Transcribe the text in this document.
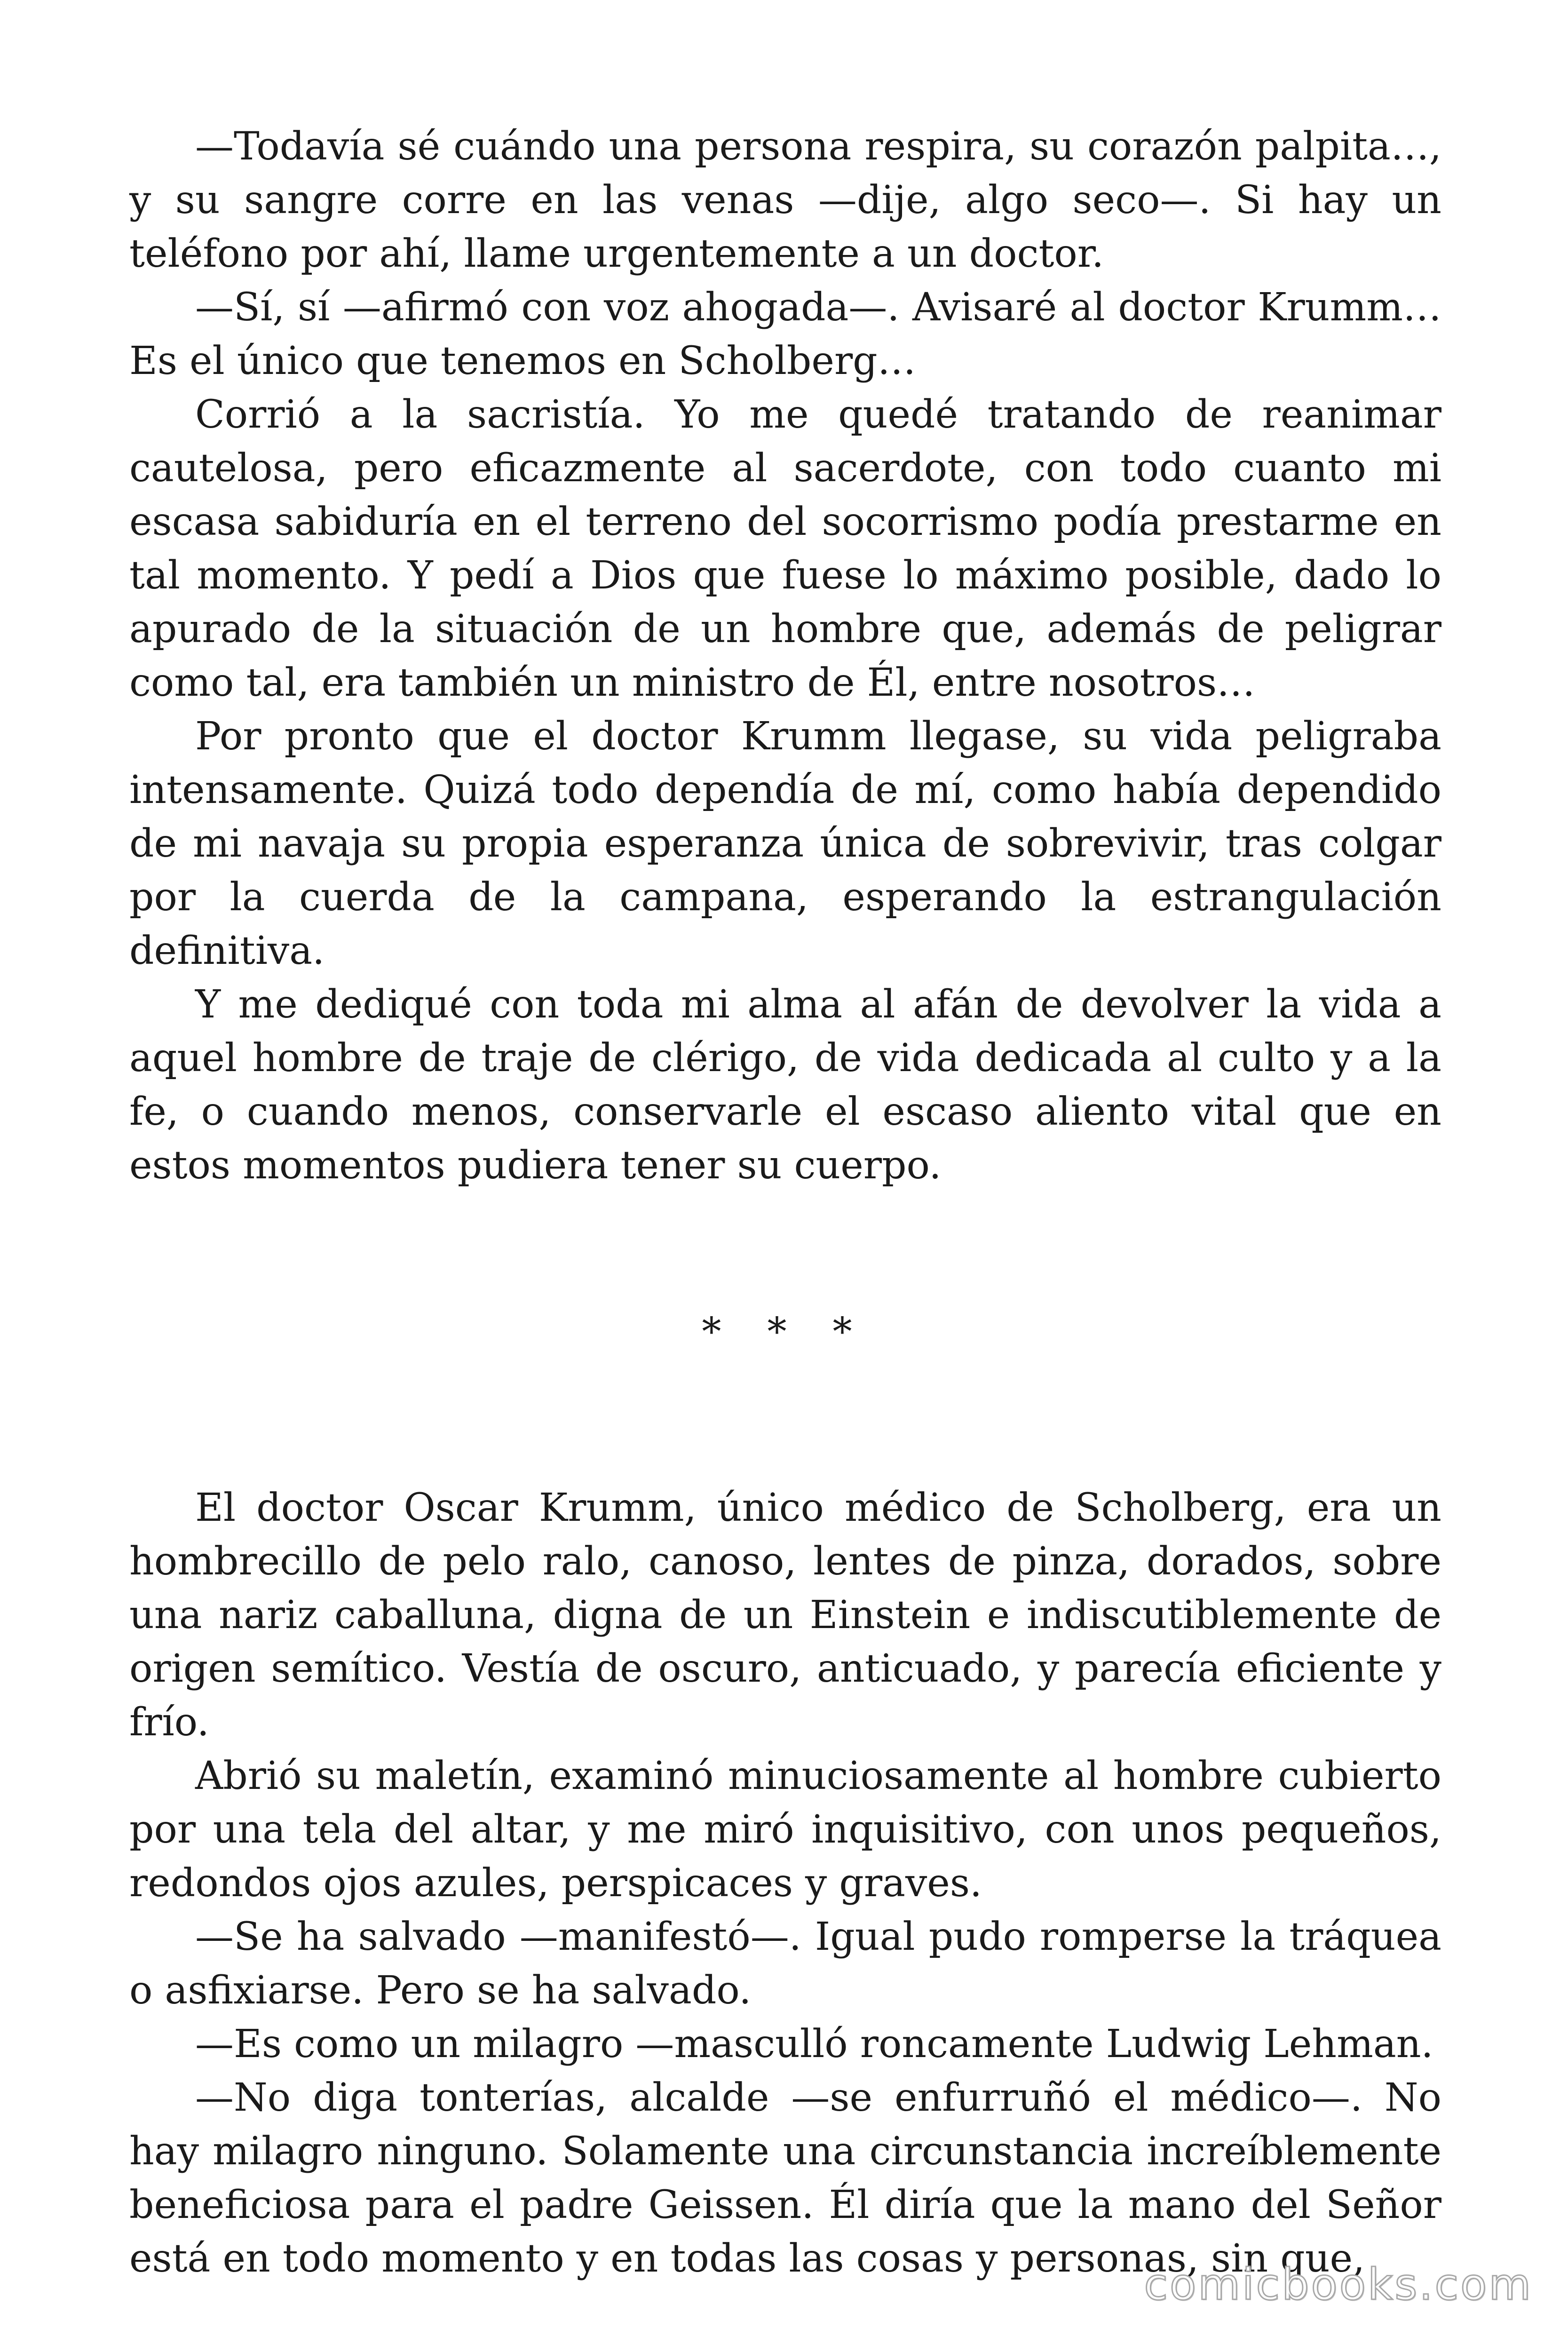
—Todavía sé cuándo una persona respira, su corazón palpita…, y su sangre corre en las venas —dije, algo seco—. Si hay un teléfono por ahí, llame urgentemente a un doctor.

—Sí, sí —afirmó con voz ahogada—. Avisaré al doctor Krumm… Es el único que tenemos en Scholberg…

Corrió a la sacristía. Yo me quedé tratando de reanimar cautelosa, pero eficazmente al sacerdote, con todo cuanto mi escasa sabiduría en el terreno del socorrismo podía prestarme en tal momento. Y pedí a Dios que fuese lo máximo posible, dado lo apurado de la situación de un hombre que, además de peligrar como tal, era también un ministro de Él, entre nosotros…

Por pronto que el doctor Krumm llegase, su vida peligraba intensamente. Quizá todo dependía de mí, como había dependido de mi navaja su propia esperanza única de sobrevivir, tras colgar por la cuerda de la campana, esperando la estrangulación definitiva.

Y me dediqué con toda mi alma al afán de devolver la vida a aquel hombre de traje de clérigo, de vida dedicada al culto y a la fe, o cuando menos, conservarle el escaso aliento vital que en estos momentos pudiera tener su cuerpo.

* * *

El doctor Oscar Krumm, único médico de Scholberg, era un hombrecillo de pelo ralo, canoso, lentes de pinza, dorados, sobre una nariz caballuna, digna de un Einstein e indiscutiblemente de origen semítico. Vestía de oscuro, anticuado, y parecía eficiente y frío.

Abrió su maletín, examinó minuciosamente al hombre cubierto por una tela del altar, y me miró inquisitivo, con unos pequeños, redondos ojos azules, perspicaces y graves.

—Se ha salvado —manifestó—. Igual pudo romperse la tráquea o asfixiarse. Pero se ha salvado.

—Es como un milagro —masculló roncamente Ludwig Lehman.

—No diga tonterías, alcalde —se enfurruñó el médico—. No hay milagro ninguno. Solamente una circunstancia increíblemente beneficiosa para el padre Geissen. Él diría que la mano del Señor está en todo momento y en todas las cosas y personas, sin que,

comicbooks.com
